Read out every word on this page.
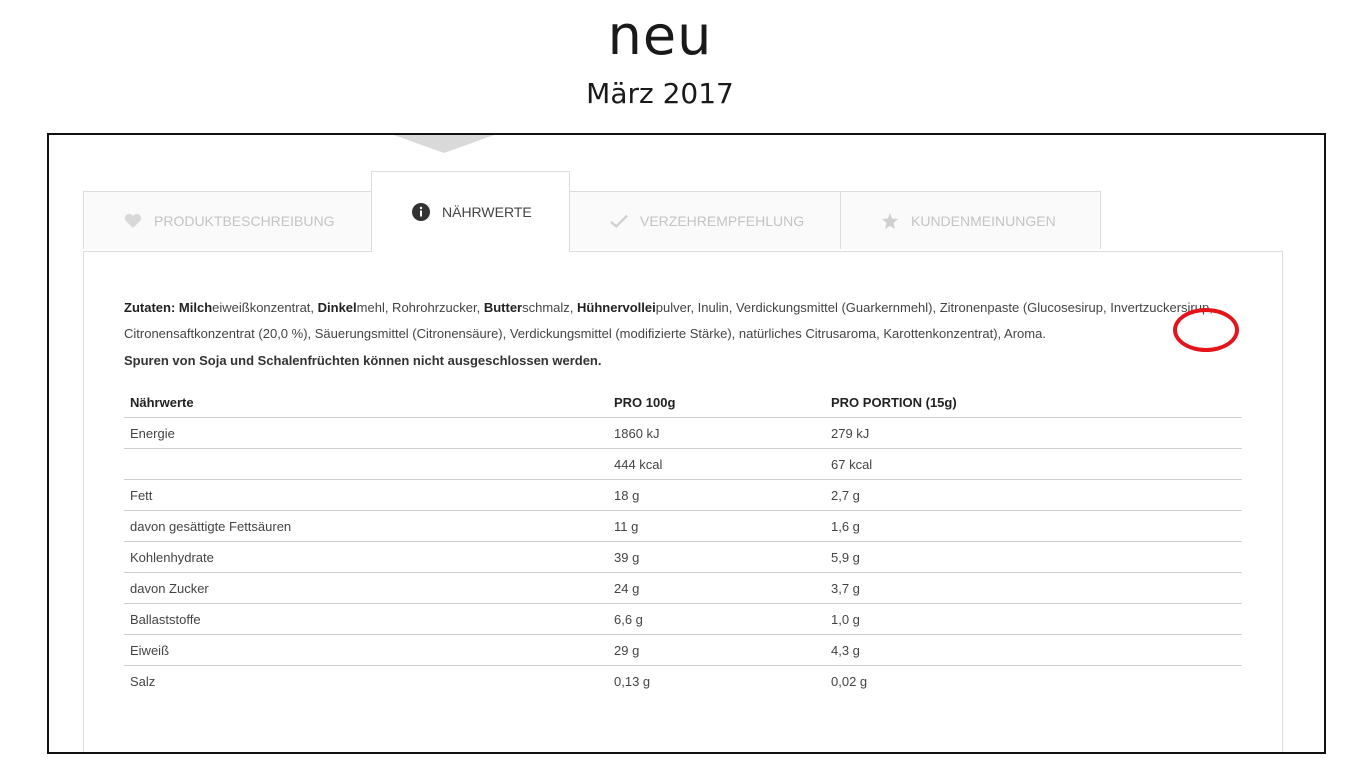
neu
März 2017
PRODUKTBESCHREIBUNG
NÄHRWERTE
VERZEHREMPFEHLUNG	KUNDENMEINUNGEN
Zutaten: Milcheiweißkonzentrat, Dinkelmehl, Rohrohrzucker, Butterschmalz, Hühnervolleipulver, Inulin, Verdickungsmittel (Guarkernmehl), Zitronenpaste (Glucosesirup, Invertzuckersirup, Citronensaftkonzentrat (20,0 %), Säuerungsmittel (Citronensäure), Verdickungsmittel (modifizierte Stärke), natürliches Citrusaroma, Karottenkonzentrat), Aroma.
Spuren von Soja und Schalenfrüchten können nicht ausgeschlossen werden.
Nährwerte	PRO 100g	PRO PORTION (15g)
Energie	1860 kJ	279 kJ
	444 kcal	67 kcal
Fett	18 g	2,7 g
davon gesättigte Fettsäuren	11 g	1,6 g
Kohlenhydrate	39 g	5,9 g
davon Zucker	24 g	3,7 g
Ballaststoffe	6,6 g	1,0 g
Eiweiß	29 g	4,3 g
Salz	0,13 g	0,02 g
